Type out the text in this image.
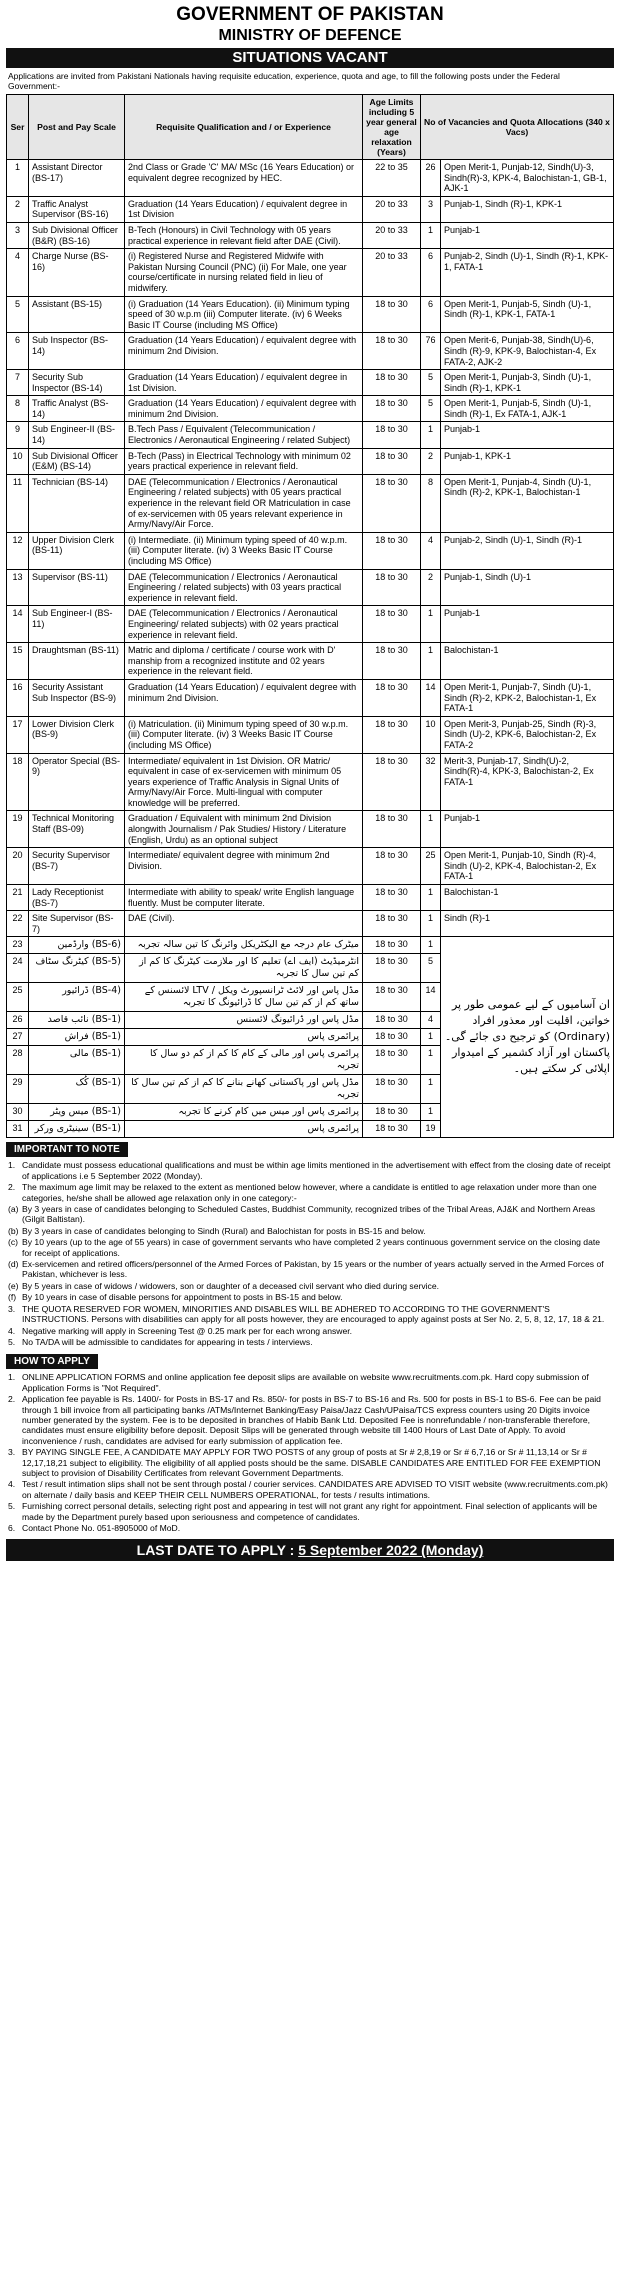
GOVERNMENT OF PAKISTAN
MINISTRY OF DEFENCE
SITUATIONS VACANT
Applications are invited from Pakistani Nationals having requisite education, experience, quota and age, to fill the following posts under the Federal Government:-
Ser	Post and Pay Scale	Requisite Qualification and / or Experience	Age Limits including 5 year general age relaxation (Years)	No of Vacancies and Quota Allocations (340 x Vacs)	
1	Assistant Director (BS-17)	2nd Class or Grade 'C' MA/ MSc (16 Years Education) or equivalent degree recognized by HEC.	22 to 35	26	Open Merit-1, Punjab-12, Sindh(U)-3, Sindh(R)-3, KPK-4, Balochistan-1, GB-1, AJK-1
2	Traffic Analyst Supervisor (BS-16)	Graduation (14 Years Education) / equivalent degree in 1st Division	20 to 33	3	Punjab-1, Sindh (R)-1, KPK-1
3	Sub Divisional Officer (B&R) (BS-16)	B-Tech (Honours) in Civil Technology with 05 years practical experience in relevant field after DAE (Civil).	20 to 33	1	Punjab-1
4	Charge Nurse (BS-16)	(i) Registered Nurse and Registered Midwife with Pakistan Nursing Council (PNC) (ii) For Male, one year course/certificate in nursing related field in lieu of midwifery.	20 to 33	6	Punjab-2, Sindh (U)-1, Sindh (R)-1, KPK-1, FATA-1
5	Assistant (BS-15)	(i) Graduation (14 Years Education). (ii) Minimum typing speed of 30 w.p.m (iii) Computer literate. (iv) 6 Weeks Basic IT Course (including MS Office)	18 to 30	6	Open Merit-1, Punjab-5, Sindh (U)-1, Sindh (R)-1, KPK-1, FATA-1
6	Sub Inspector (BS-14)	Graduation (14 Years Education) / equivalent degree with minimum 2nd Division.	18 to 30	76	Open Merit-6, Punjab-38, Sindh(U)-6, Sindh (R)-9, KPK-9, Balochistan-4, Ex FATA-2, AJK-2
7	Security Sub Inspector (BS-14)	Graduation (14 Years Education) / equivalent degree in 1st Division.	18 to 30	5	Open Merit-1, Punjab-3, Sindh (U)-1, Sindh (R)-1, KPK-1
8	Traffic Analyst (BS-14)	Graduation (14 Years Education) / equivalent degree with minimum 2nd Division.	18 to 30	5	Open Merit-1, Punjab-5, Sindh (U)-1, Sindh (R)-1, Ex FATA-1, AJK-1
9	Sub Engineer-II (BS-14)	B.Tech Pass / Equivalent (Telecommunication / Electronics / Aeronautical Engineering / related Subject)	18 to 30	1	Punjab-1
10	Sub Divisional Officer (E&M) (BS-14)	B-Tech (Pass) in Electrical Technology with minimum 02 years practical experience in relevant field.	18 to 30	2	Punjab-1, KPK-1
11	Technician (BS-14)	DAE (Telecommunication / Electronics / Aeronautical Engineering / related subjects) with 05 years practical experience in the relevant field OR Matriculation in case of ex-servicemen with 05 years relevant experience in Army/Navy/Air Force.	18 to 30	8	Open Merit-1, Punjab-4, Sindh (U)-1, Sindh (R)-2, KPK-1, Balochistan-1
12	Upper Division Clerk (BS-11)	(i) Intermediate. (ii) Minimum typing speed of 40 w.p.m. (iii) Computer literate. (iv) 3 Weeks Basic IT Course (including MS Office)	18 to 30	4	Punjab-2, Sindh (U)-1, Sindh (R)-1
13	Supervisor (BS-11)	DAE (Telecommunication / Electronics / Aeronautical Engineering / related subjects) with 03 years practical experience in relevant field.	18 to 30	2	Punjab-1, Sindh (U)-1
14	Sub Engineer-I (BS-11)	DAE (Telecommunication / Electronics / Aeronautical Engineering/ related subjects) with 02 years practical experience in relevant field.	18 to 30	1	Punjab-1
15	Draughtsman (BS-11)	Matric and diploma / certificate / course work with D' manship from a recognized institute and 02 years experience in the relevant field.	18 to 30	1	Balochistan-1
16	Security Assistant Sub Inspector (BS-9)	Graduation (14 Years Education) / equivalent degree with minimum 2nd Division.	18 to 30	14	Open Merit-1, Punjab-7, Sindh (U)-1, Sindh (R)-2, KPK-2, Balochistan-1, Ex FATA-1
17	Lower Division Clerk (BS-9)	(i) Matriculation. (ii) Minimum typing speed of 30 w.p.m. (iii) Computer literate. (iv) 3 Weeks Basic IT Course (including MS Office)	18 to 30	10	Open Merit-3, Punjab-25, Sindh (R)-3, Sindh (U)-2, KPK-6, Balochistan-2, Ex FATA-2
18	Operator Special (BS-9)	Intermediate/ equivalent in 1st Division. OR Matric/ equivalent in case of ex-servicemen with minimum 05 years experience of Traffic Analysis in Signal Units of Army/Navy/Air Force. Multi-lingual with computer knowledge will be preferred.	18 to 30	32	Merit-3, Punjab-17, Sindh(U)-2, Sindh(R)-4, KPK-3, Balochistan-2, Ex FATA-1
19	Technical Monitoring Staff (BS-09)	Graduation / Equivalent with minimum 2nd Division alongwith Journalism / Pak Studies/ History / Literature (English, Urdu) as an optional subject	18 to 30	1	Punjab-1
20	Security Supervisor (BS-7)	Intermediate/ equivalent degree with minimum 2nd Division.	18 to 30	25	Open Merit-1, Punjab-10, Sindh (R)-4, Sindh (U)-2, KPK-4, Balochistan-2, Ex FATA-1
21	Lady Receptionist (BS-7)	Intermediate with ability to speak/ write English language fluently. Must be computer literate.	18 to 30	1	Balochistan-1
22	Site Supervisor (BS-7)	DAE (Civil).	18 to 30	1	Sindh (R)-1
23	(BS-6) وارڈمین	میٹرک عام درجہ مع الیکٹریکل وائرنگ کا تین سالہ تجربہ	18 to 30	1	ان آسامیوں کے لیے عمومی طور پر خواتین، اقلیت اور معذور افراد (Ordinary) کو ترجیح دی جائے گی۔ پاکستان اور آزاد کشمیر کے امیدوار اپلائی کر سکتے ہیں۔
24	(BS-5) کیٹرنگ سٹاف	انٹرمیڈیٹ (ایف اے) تعلیم کا اور ملازمت کیٹرنگ کا کم از کم تین سال کا تجربہ	18 to 30	5	
25	(BS-4) ڈرائیور	مڈل پاس اور لائٹ ٹرانسپورٹ ویکل / LTV لائسنس کے ساتھ کم از کم تین سال کا ڈرائیونگ کا تجربہ	18 to 30	14	
26	(BS-1) نائب قاصد	مڈل پاس اور ڈرائیونگ لائسنس	18 to 30	4	
27	(BS-1) فراش	پرائمری پاس	18 to 30	1	
28	(BS-1) مالی	پرائمری پاس اور مالی کے کام کا کم از کم دو سال کا تجربہ	18 to 30	1	
29	(BS-1) کُک	مڈل پاس اور پاکستانی کھانے بنانے کا کم از کم تین سال کا تجربہ	18 to 30	1	
30	(BS-1) میس ویٹر	پرائمری پاس اور میس میں کام کرنے کا تجربہ	18 to 30	1	
31	(BS-1) سینیٹری ورکر	پرائمری پاس	18 to 30	19	
IMPORTANT TO NOTE
1. Candidate must possess educational qualifications and must be within age limits mentioned in the advertisement with effect from the closing date of receipt of applications i.e 5 September 2022 (Monday).
2. The maximum age limit may be relaxed to the extent as mentioned below however, where a candidate is entitled to age relaxation under more than one categories, he/she shall be allowed age relaxation only in one category:-
(a) By 3 years in case of candidates belonging to Scheduled Castes, Buddhist Community, recognized tribes of the Tribal Areas, AJ&K and Northern Areas (Gilgit Baltistan).
(b) By 3 years in case of candidates belonging to Sindh (Rural) and Balochistan for posts in BS-15 and below.
(c) By 10 years (up to the age of 55 years) in case of government servants who have completed 2 years continuous government service on the closing date for receipt of applications.
(d) Ex-servicemen and retired officers/personnel of the Armed Forces of Pakistan, by 15 years or the number of years actually served in the Armed Forces of Pakistan, whichever is less.
(e) By 5 years in case of widows / widowers, son or daughter of a deceased civil servant who died during service.
(f) By 10 years in case of disable persons for appointment to posts in BS-15 and below.
3. THE QUOTA RESERVED FOR WOMEN, MINORITIES AND DISABLES WILL BE ADHERED TO ACCORDING TO THE GOVERNMENT'S INSTRUCTIONS. Persons with disabilities can apply for all posts however, they are encouraged to apply against posts at Ser No. 2, 5, 8, 12, 17, 18 & 21.
4. Negative marking will apply in Screening Test @ 0.25 mark per for each wrong answer.
5. No TA/DA will be admissible to candidates for appearing in tests / interviews.
HOW TO APPLY
1. ONLINE APPLICATION FORMS and online application fee deposit slips are available on website www.recruitments.com.pk. Hard copy submission of Application Forms is "Not Required".
2. Application fee payable is Rs. 1400/- for Posts in BS-17 and Rs. 850/- for posts in BS-7 to BS-16 and Rs. 500 for posts in BS-1 to BS-6. Fee can be paid through 1 bill invoice from all participating banks /ATMs/Internet Banking/Easy Paisa/Jazz Cash/UPaisa/TCS express counters using 20 Digits invoice number generated by the system. Fee is to be deposited in branches of Habib Bank Ltd. Deposited Fee is nonrefundable / non-transferable therefore, candidates must ensure eligibility before deposit. Deposit Slips will be generated through website till 1400 Hours of Last Date of Apply. To avoid inconvenience / rush, candidates are advised for early submission of application fee.
3. BY PAYING SINGLE FEE, A CANDIDATE MAY APPLY FOR TWO POSTS of any group of posts at Sr # 2,8,19 or Sr # 6,7,16 or Sr # 11,13,14 or Sr # 12,17,18,21 subject to eligibility. The eligibility of all applied posts should be the same. DISABLE CANDIDATES ARE ENTITLED FOR FEE EXEMPTION subject to provision of Disability Certificates from relevant Government Departments.
4. Test / result intimation slips shall not be sent through postal / courier services. CANDIDATES ARE ADVISED TO VISIT website (www.recruitments.com.pk) on alternate / daily basis and KEEP THEIR CELL NUMBERS OPERATIONAL, for tests / results intimations.
5. Furnishing correct personal details, selecting right post and appearing in test will not grant any right for appointment. Final selection of applicants will be made by the Department purely based upon seriousness and competence of candidates.
6. Contact Phone No. 051-8905000 of MoD.
LAST DATE TO APPLY : 5 September 2022 (Monday)
